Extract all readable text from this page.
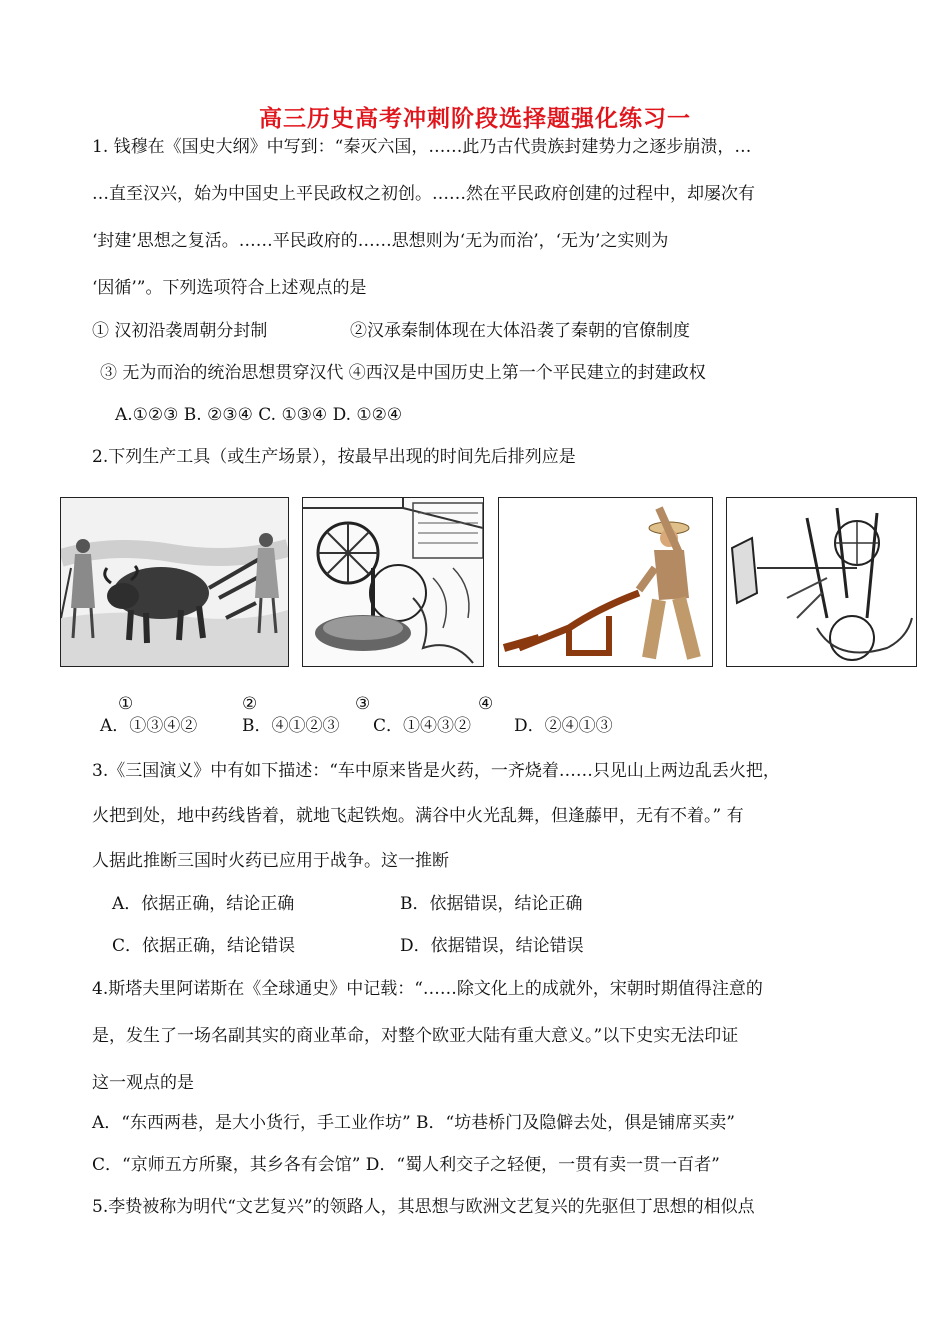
高三历史高考冲刺阶段选择题强化练习一
1. 钱穆在《国史大纲》中写到：“秦灭六国，……此乃古代贵族封建势力之逐步崩溃，…
…直至汉兴，始为中国史上平民政权之初创。……然在平民政府创建的过程中，却屡次有
‘封建’思想之复活。……平民政府的……思想则为‘无为而治’，‘无为’之实则为
‘因循’”。下列选项符合上述观点的是
① 汉初沿袭周朝分封制	②汉承秦制体现在大体沿袭了秦朝的官僚制度
③ 无为而治的统治思想贯穿汉代 ④西汉是中国历史上第一个平民建立的封建政权
A.①②③ B. ②③④ C. ①③④ D. ①②④
2.下列生产工具（或生产场景），按最早出现的时间先后排列应是
①	②	③	④
A．①③④②	B．④①②③ C．①④③②	D．②④①③
3.《三国演义》中有如下描述：“车中原来皆是火药，一齐烧着……只见山上两边乱丢火把，
火把到处，地中药线皆着，就地飞起铁炮。满谷中火光乱舞，但逢藤甲，无有不着。” 有
人据此推断三国时火药已应用于战争。这一推断
A．依据正确，结论正确	B．依据错误，结论正确
C．依据正确，结论错误	D．依据错误，结论错误
4.斯塔夫里阿诺斯在《全球通史》中记载：“……除文化上的成就外，宋朝时期值得注意的
是，发生了一场名副其实的商业革命，对整个欧亚大陆有重大意义。”以下史实无法印证
这一观点的是
A．“东西两巷，是大小货行，手工业作坊” B．“坊巷桥门及隐僻去处，俱是铺席买卖”
C．“京师五方所聚，其乡各有会馆” D．“蜀人利交子之轻便，一贯有卖一贯一百者”
5.李贽被称为明代“文艺复兴”的领路人，其思想与欧洲文艺复兴的先驱但丁思想的相似点
